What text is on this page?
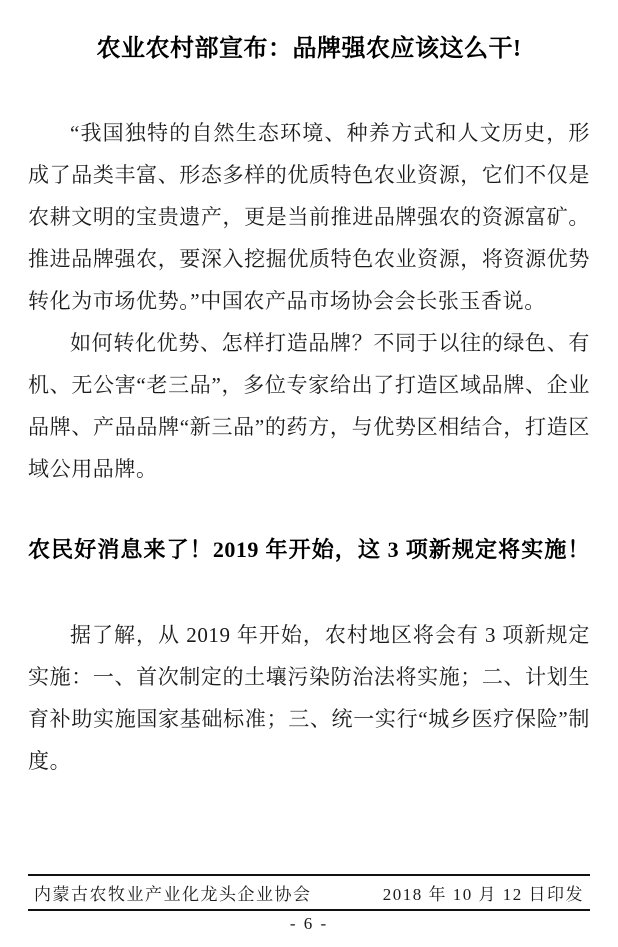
农业农村部宣布：品牌强农应该这么干!

“我国独特的自然生态环境、种养方式和人文历史，形成了品类丰富、形态多样的优质特色农业资源，它们不仅是农耕文明的宝贵遗产，更是当前推进品牌强农的资源富矿。推进品牌强农，要深入挖掘优质特色农业资源，将资源优势转化为市场优势。”中国农产品市场协会会长张玉香说。

如何转化优势、怎样打造品牌？不同于以往的绿色、有机、无公害“老三品”，多位专家给出了打造区域品牌、企业品牌、产品品牌“新三品”的药方，与优势区相结合，打造区域公用品牌。

农民好消息来了！2019 年开始，这 3 项新规定将实施！

据了解，从 2019 年开始，农村地区将会有 3 项新规定实施：一、首次制定的土壤污染防治法将实施；二、计划生育补助实施国家基础标准；三、统一实行“城乡医疗保险”制度。

内蒙古农牧业产业化龙头企业协会	2018 年 10 月 12 日印发
- 6 -
